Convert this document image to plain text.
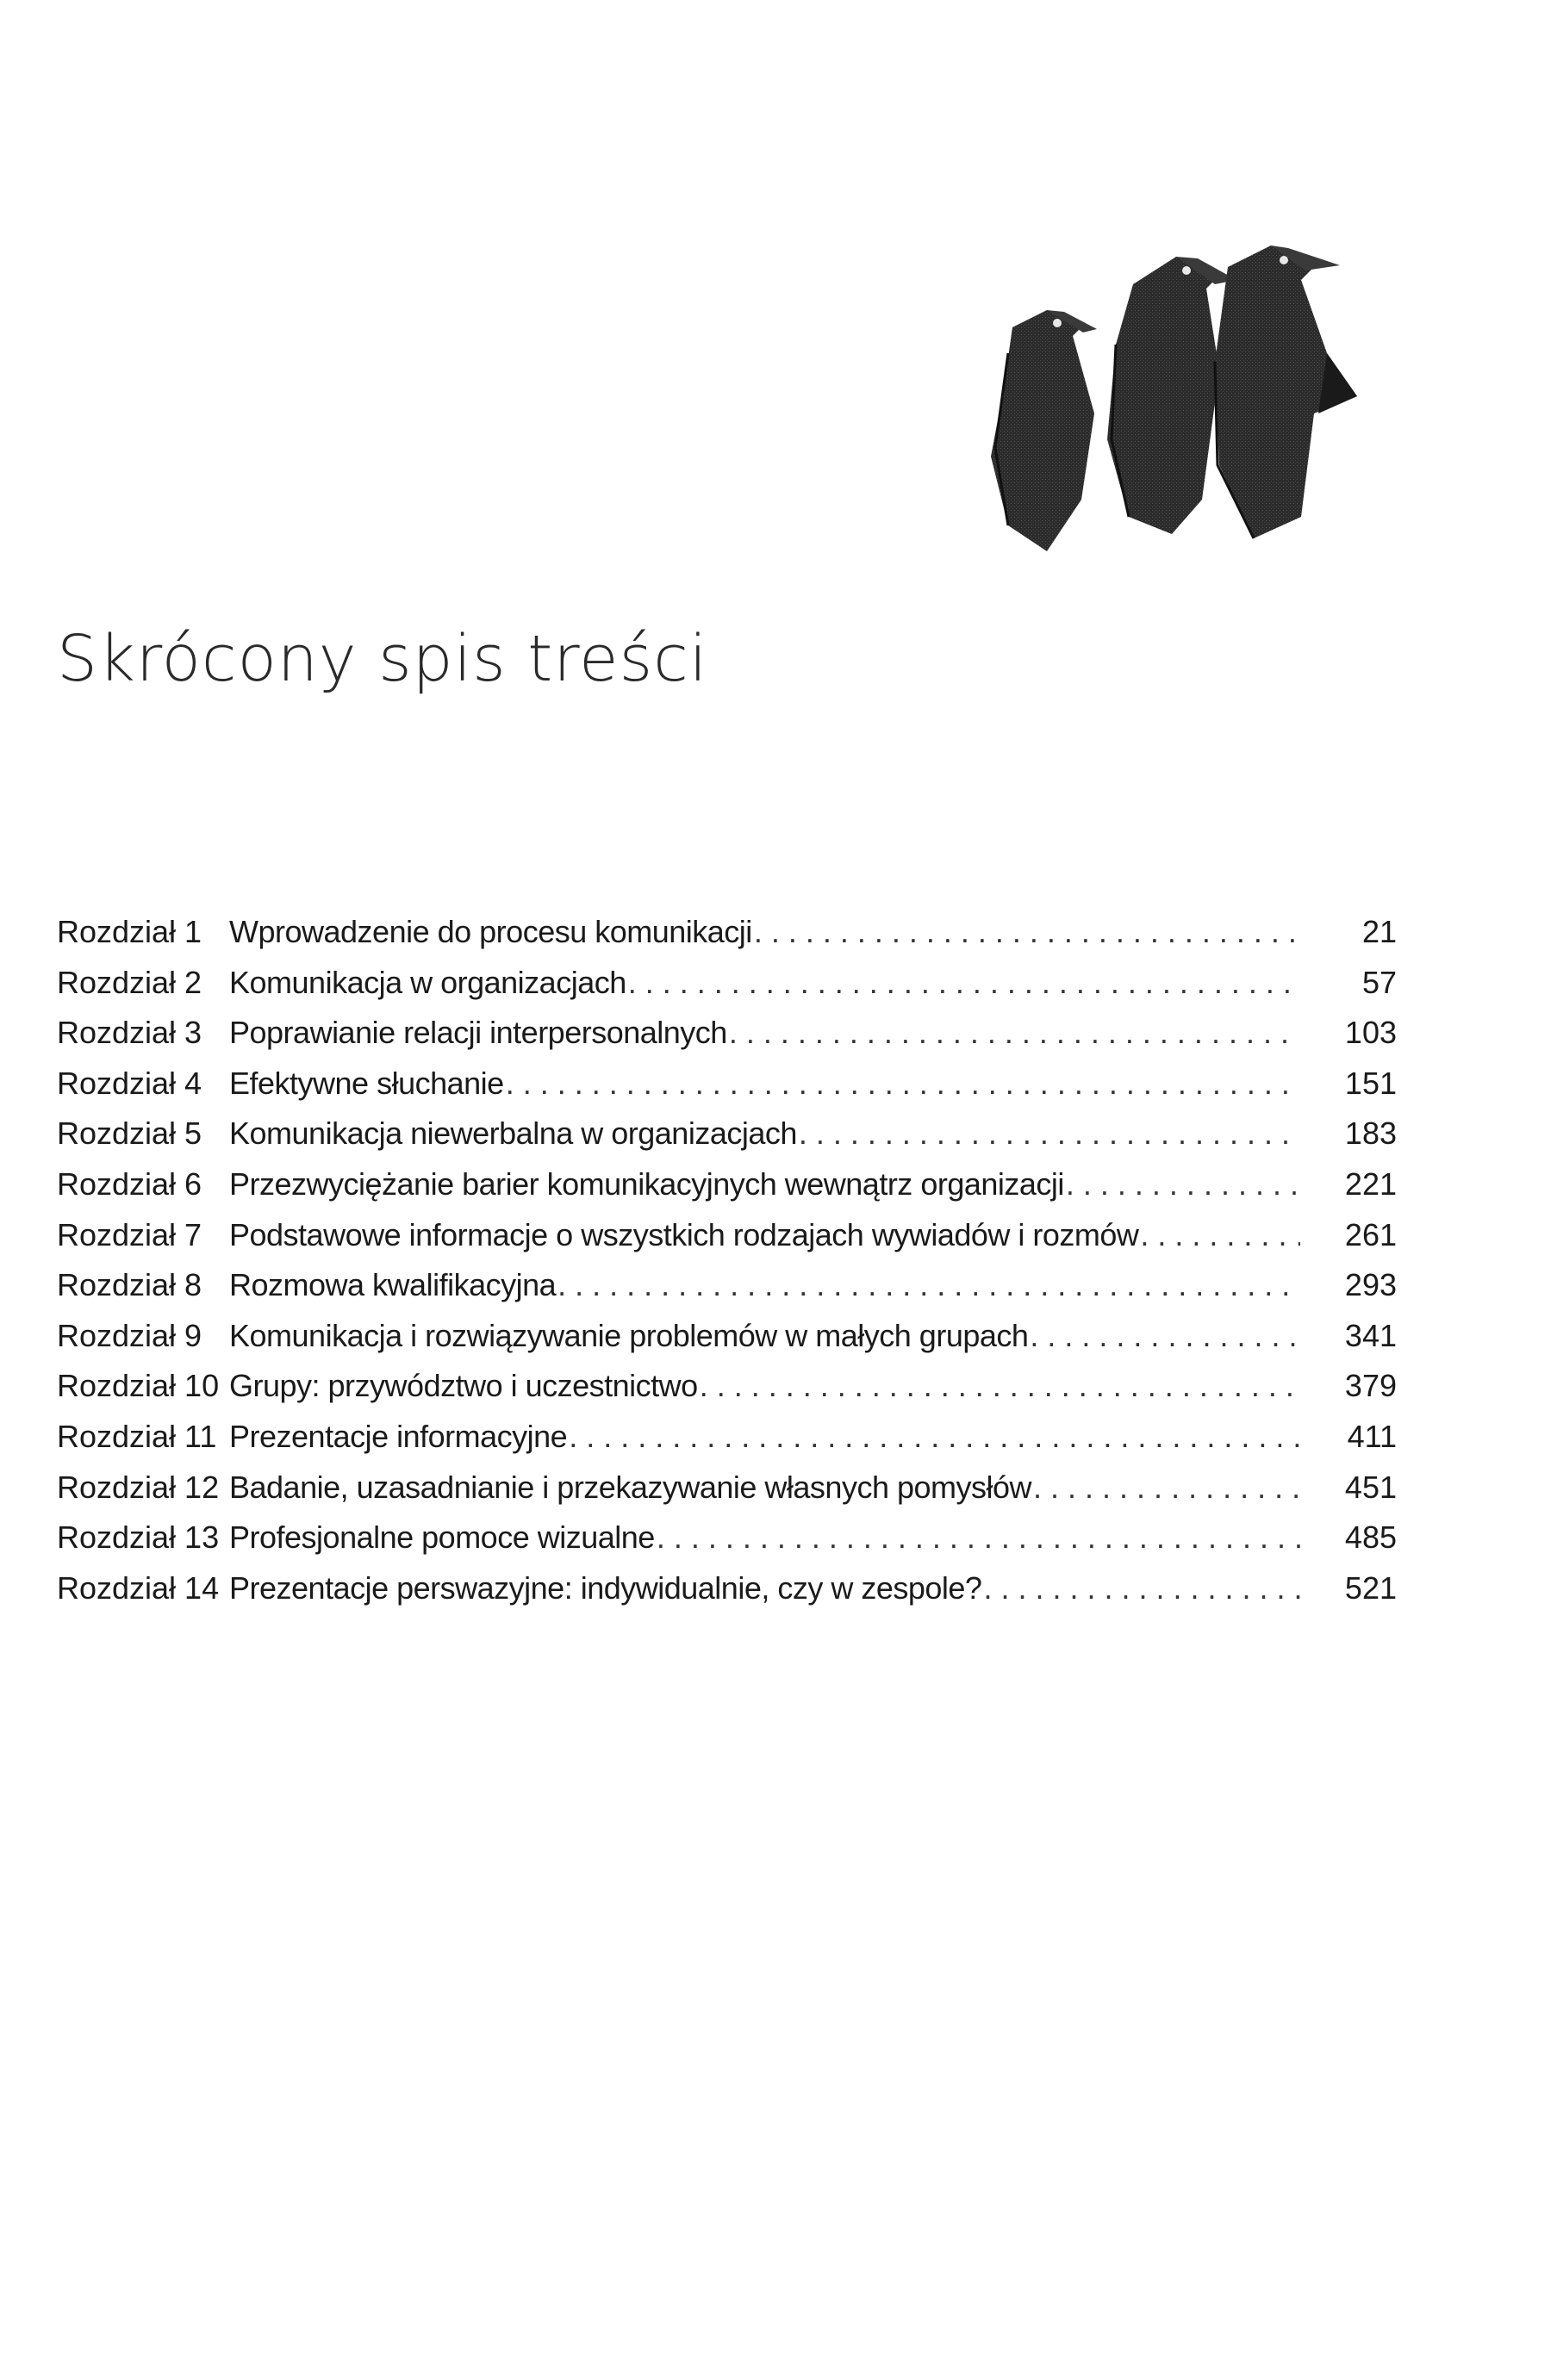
Skrócony spis treści
Rozdział 1 Wprowadzenie do procesu komunikacji . . .	21
Rozdział 2 Komunikacja w organizacjach . . .	57
Rozdział 3 Poprawianie relacji interpersonalnych . . .	103
Rozdział 4 Efektywne słuchanie . . .	151
Rozdział 5 Komunikacja niewerbalna w organizacjach . . .	183
Rozdział 6 Przezwyciężanie barier komunikacyjnych wewnątrz organizacji . . .	221
Rozdział 7 Podstawowe informacje o wszystkich rodzajach wywiadów i rozmów . . .	261
Rozdział 8 Rozmowa kwalifikacyjna . . .	293
Rozdział 9 Komunikacja i rozwiązywanie problemów w małych grupach . . .	341
Rozdział 10 Grupy: przywództwo i uczestnictwo . . .	379
Rozdział 11 Prezentacje informacyjne . . .	411
Rozdział 12 Badanie, uzasadnianie i przekazywanie własnych pomysłów . . .	451
Rozdział 13 Profesjonalne pomoce wizualne . . .	485
Rozdział 14 Prezentacje perswazyjne: indywidualnie, czy w zespole? . . .	521
